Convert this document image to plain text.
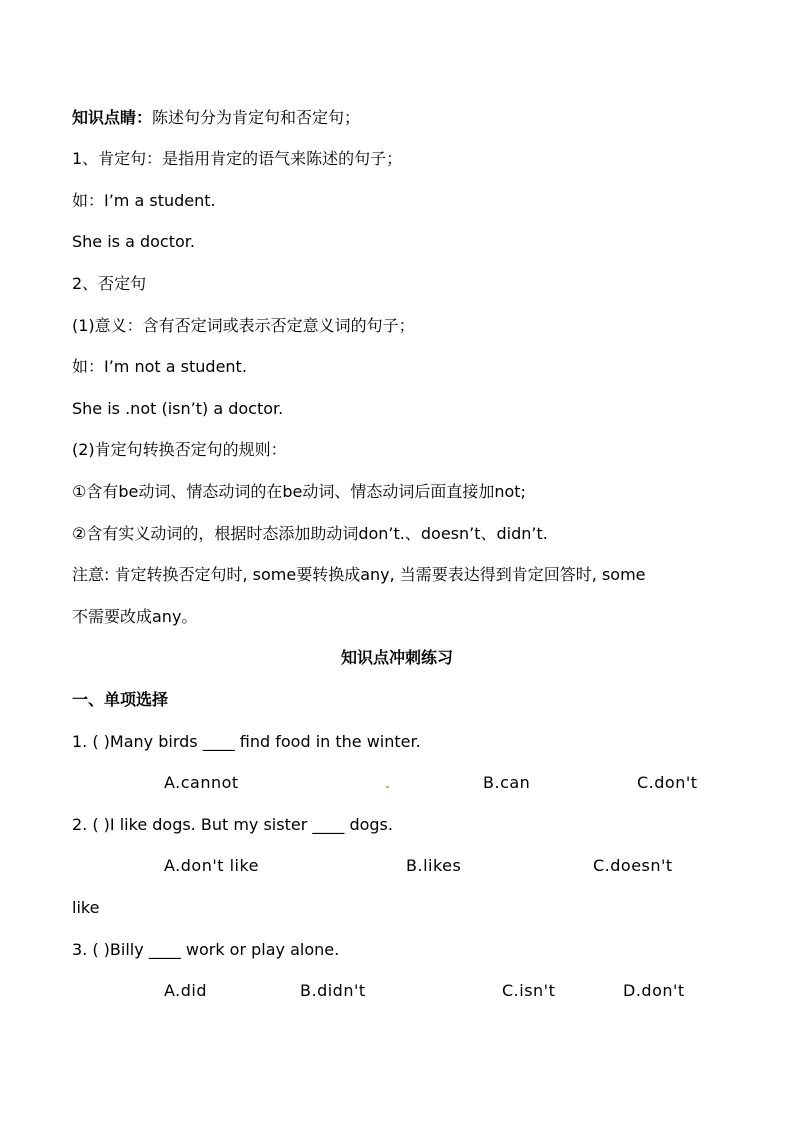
知识点睛：陈述句分为肯定句和否定句；
1、肯定句：是指用肯定的语气来陈述的句子；
如：I’m a student.
She is a doctor.
2、否定句
(1)意义：含有否定词或表示否定意义词的句子；
如：I’m not a student.
She is .not (isn’t) a doctor.
(2)肯定句转换否定句的规则：
①含有be动词、情态动词的在be动词、情态动词后面直接加not;
②含有实义动词的，根据时态添加助动词don’t.、doesn’t、didn’t.
注意: 肯定转换否定句时, some要转换成any, 当需要表达得到肯定回答时, some
不需要改成any。
知识点冲刺练习
一、单项选择
1. ( )Many birds ____ find food in the winter.
A.cannot	B.can	C.don't
2. ( )I like dogs. But my sister ____ dogs.
A.don't like	B.likes	C.doesn't
like
3. ( )Billy ____ work or play alone.
A.did	B.didn't	C.isn't	D.don't
